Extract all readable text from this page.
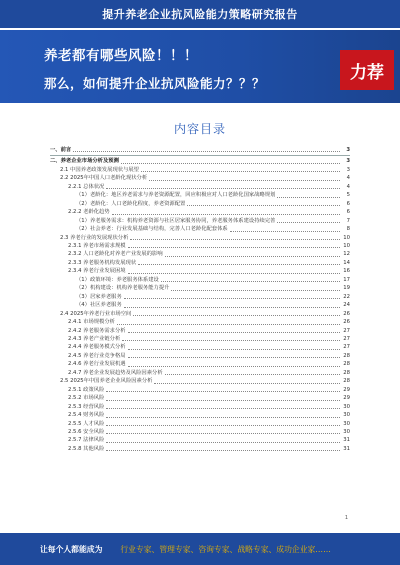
提升养老企业抗风险能力策略研究报告
养老都有哪些风险！！！
那么，如何提升企业抗风险能力？？？
力荐
内容目录
一、前言	3
二、养老企业市场分析及预测	3
2.1 中国养老政策发展现状与展望	3
2.2 2025年中国人口老龄化现状分析	4
2.2.1 总体状况	4
（1）老龄化：地区养老需求与养老资源配置，回应积极应对人口老龄化国家战略规划	5
（2）老龄化：人口老龄化程度，养老资源配置	6
2.2.2 老龄化趋势	6
（1）养老服务需求：机构养老资源与社区居家服务协同，养老服务体系建设持续完善	7
（2）社会养老：行业发展基础与结构，完善人口老龄化配套体系	8
2.3 养老行业的发展现状分析	10
2.3.1 养老市场需求规模	10
2.3.2 人口老龄化对养老产业发展的影响	12
2.3.3 养老服务机构发展现状	14
2.3.4 养老行业发展困境	16
（1）政策环境：养老服务体系建设	17
（2）机构建设：机构养老服务能力提升	19
（3）居家养老服务	22
（4）社区养老服务	24
2.4 2025年养老行业市场空间	26
2.4.1 市场规模分析	26
2.4.2 养老服务需求分析	27
2.4.3 养老产业链分析	27
2.4.4 养老服务模式分析	27
2.4.5 养老行业竞争格局	28
2.4.6 养老行业发展机遇	28
2.4.7 养老企业发展趋势及风险因素分析	28
2.5 2025年中国养老企业风险因素分析	28
2.5.1 政策风险	29
2.5.2 市场风险	29
2.5.3 经营风险	30
2.5.4 财务风险	30
2.5.5 人才风险	30
2.5.6 安全风险	30
2.5.7 法律风险	31
2.5.8 其他风险	31
1
让每个人都能成为 行业专家、管理专家、咨询专家、战略专家、成功企业家……
